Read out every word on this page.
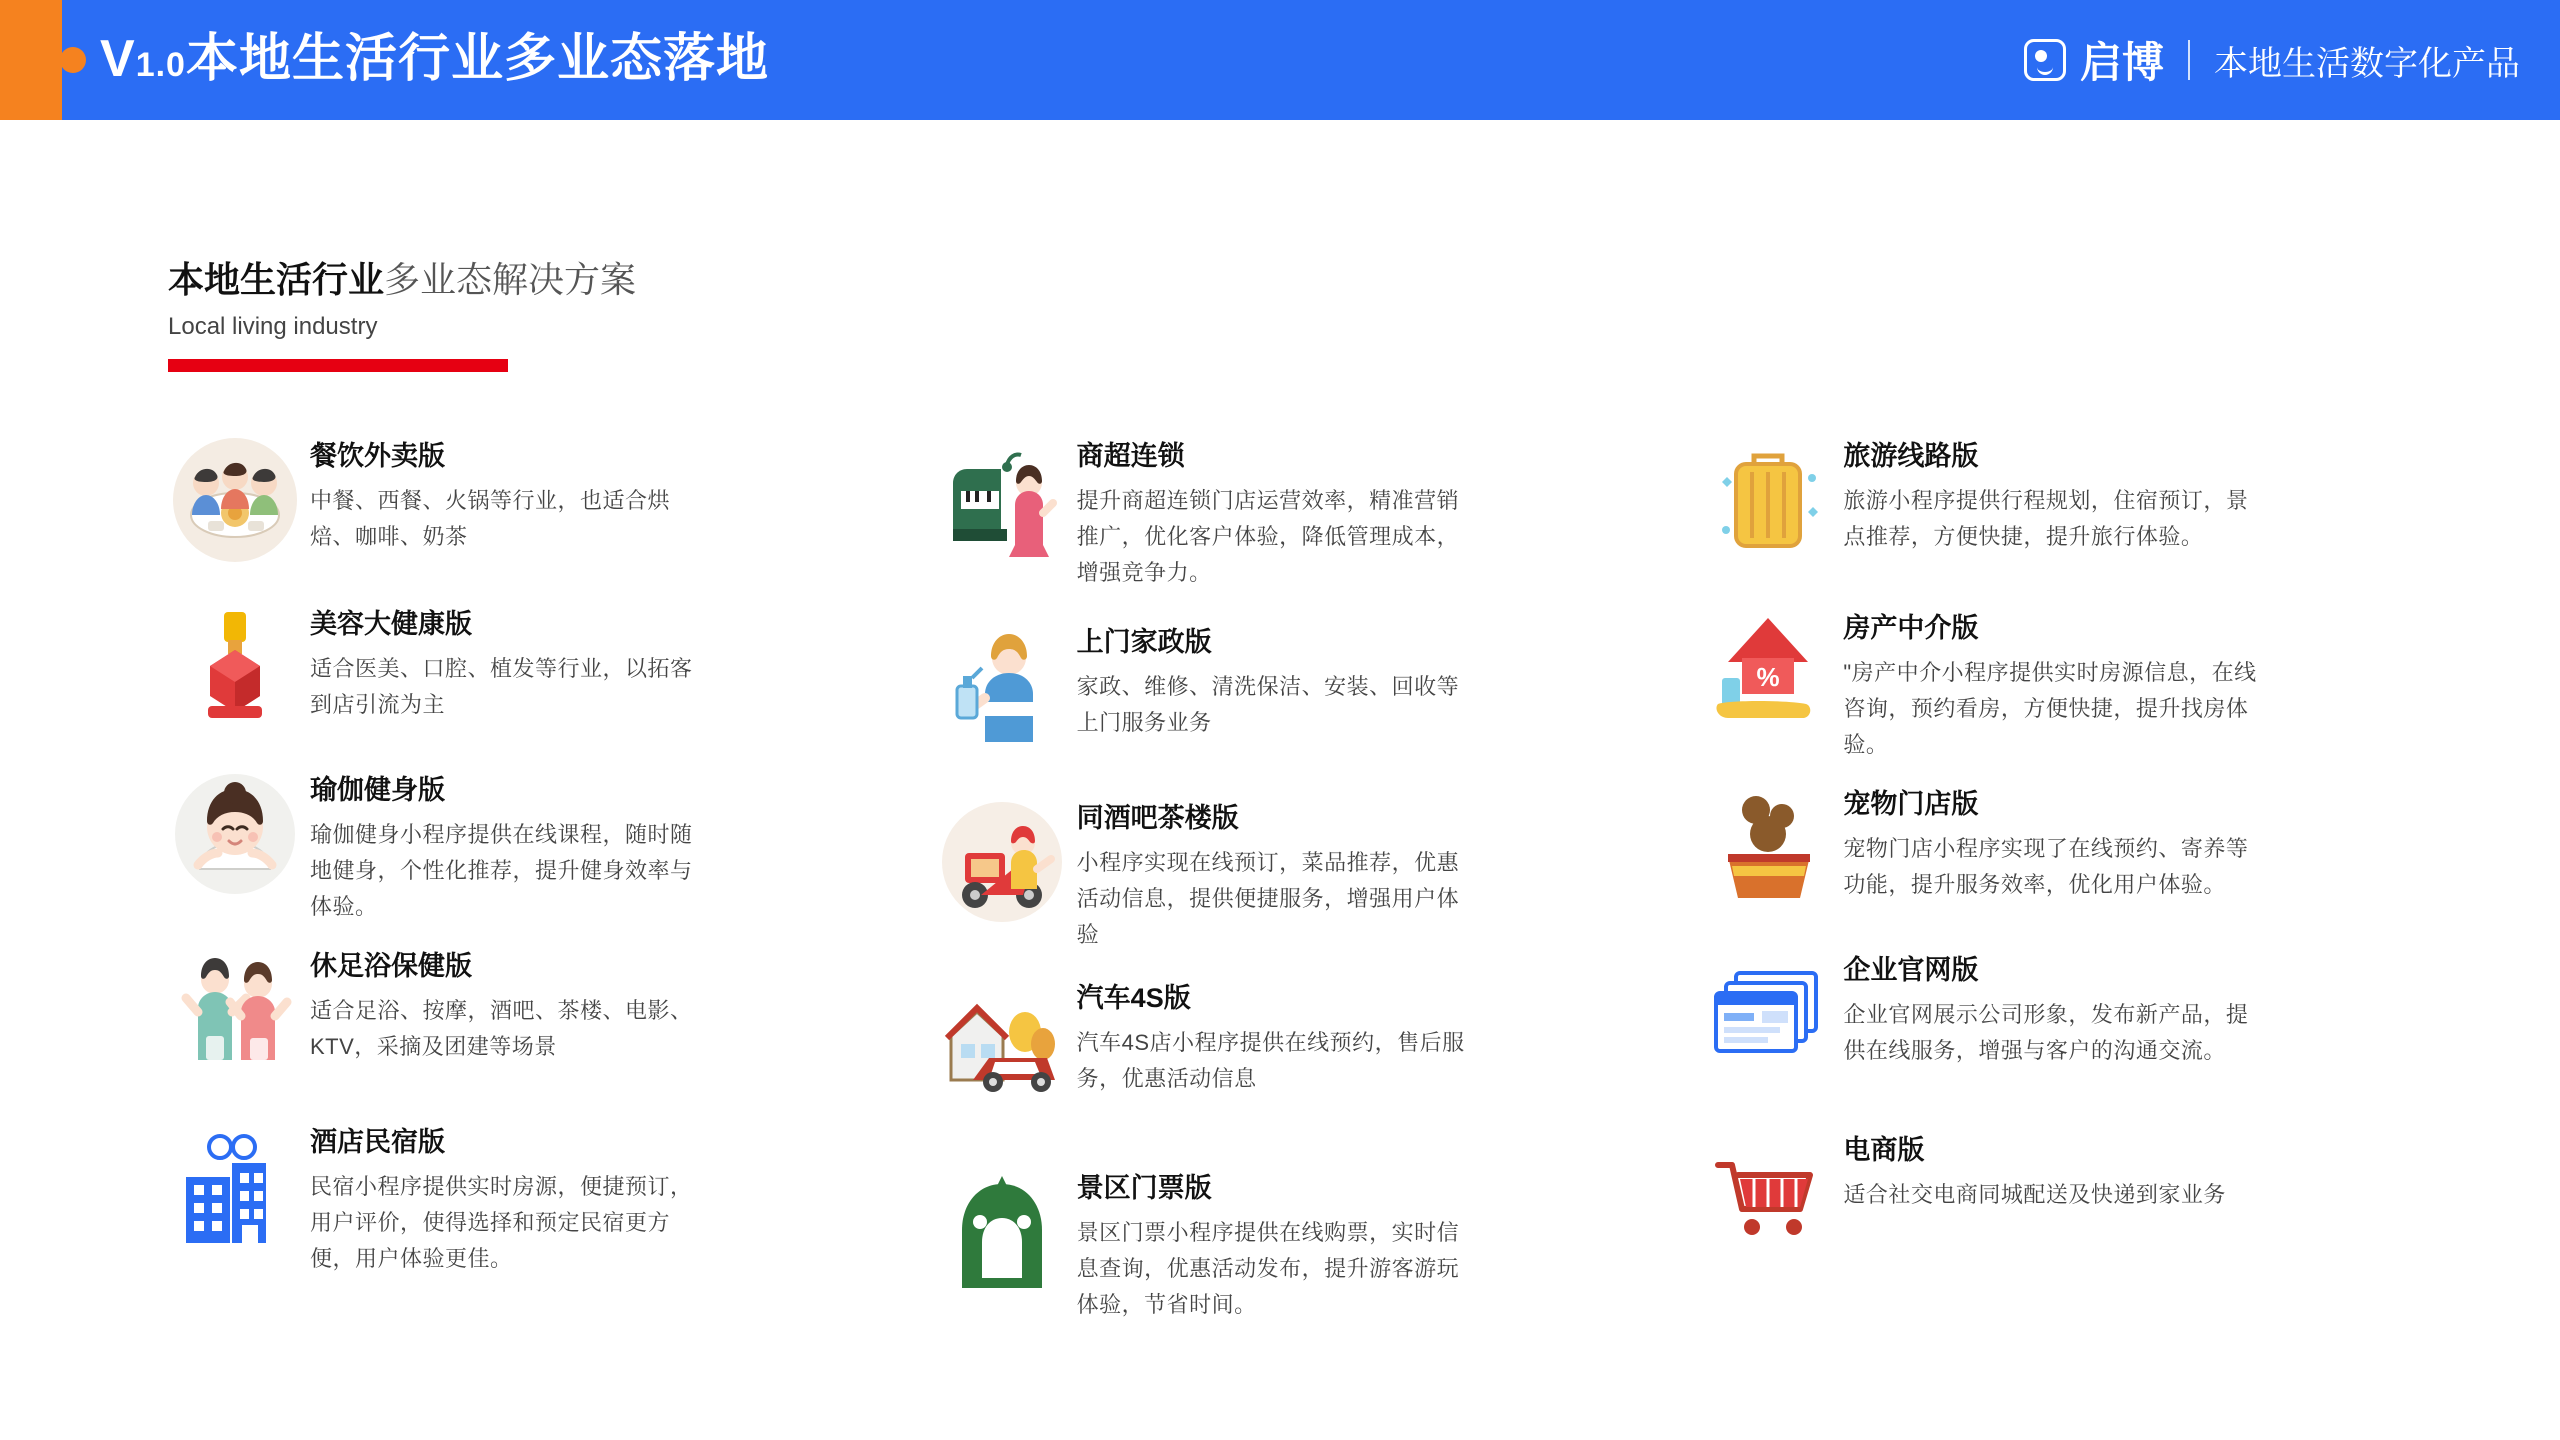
V1.0本地生活行业多业态落地	启博 本地生活数字化产品
本地生活行业多业态解决方案
Local living industry
餐饮外卖版
中餐、西餐、火锅等行业，也适合烘焙、咖啡、奶茶
美容大健康版
适合医美、口腔、植发等行业，以拓客到店引流为主
瑜伽健身版
瑜伽健身小程序提供在线课程，随时随地健身，个性化推荐，提升健身效率与体验。
休足浴保健版
适合足浴、按摩，酒吧、茶楼、电影、KTV，采摘及团建等场景
酒店民宿版
民宿小程序提供实时房源，便捷预订，用户评价，使得选择和预定民宿更方便，用户体验更佳。
商超连锁
提升商超连锁门店运营效率，精准营销推广，优化客户体验，降低管理成本，增强竞争力。
上门家政版
家政、维修、清洗保洁、安装、回收等上门服务业务
同酒吧茶楼版
小程序实现在线预订，菜品推荐，优惠活动信息，提供便捷服务，增强用户体验
汽车4S版
汽车4S店小程序提供在线预约，售后服务，优惠活动信息
景区门票版
景区门票小程序提供在线购票，实时信息查询，优惠活动发布，提升游客游玩体验，节省时间。
旅游线路版
旅游小程序提供行程规划，住宿预订，景点推荐，方便快捷，提升旅行体验。
%
房产中介版
"房产中介小程序提供实时房源信息，在线咨询，预约看房，方便快捷，提升找房体验。
宠物门店版
宠物门店小程序实现了在线预约、寄养等功能，提升服务效率，优化用户体验。
企业官网版
企业官网展示公司形象，发布新产品，提供在线服务，增强与客户的沟通交流。
电商版
适合社交电商同城配送及快递到家业务
